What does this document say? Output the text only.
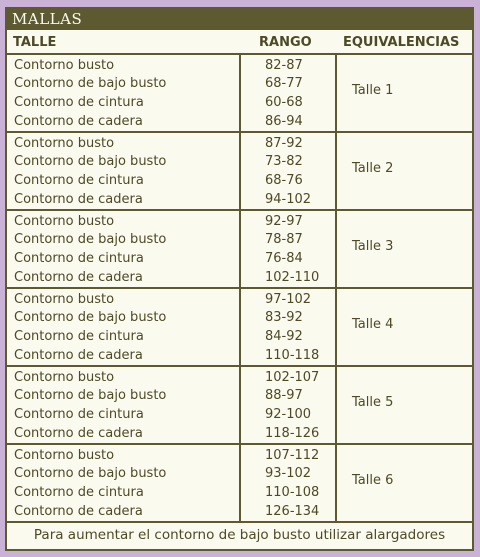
MALLAS
TALLE	RANGO EQUIVALENCIAS
Contorno busto	82-87
Contorno de bajo busto	68-77
Contorno de cintura	60-68
Contorno de cadera	86-94
Talle 1
Contorno busto	87-92
Contorno de bajo busto	73-82
Contorno de cintura	68-76
Contorno de cadera	94-102
Talle 2
Contorno busto	92-97
Contorno de bajo busto	78-87
Contorno de cintura	76-84
Contorno de cadera	102-110
Talle 3
Contorno busto	97-102
Contorno de bajo busto	83-92
Contorno de cintura	84-92
Contorno de cadera	110-118
Talle 4
Contorno busto	102-107
Contorno de bajo busto	88-97
Contorno de cintura	92-100
Contorno de cadera	118-126
Talle 5
Contorno busto	107-112
Contorno de bajo busto	93-102
Contorno de cintura	110-108
Contorno de cadera	126-134
Talle 6
Para aumentar el contorno de bajo busto utilizar alargadores
